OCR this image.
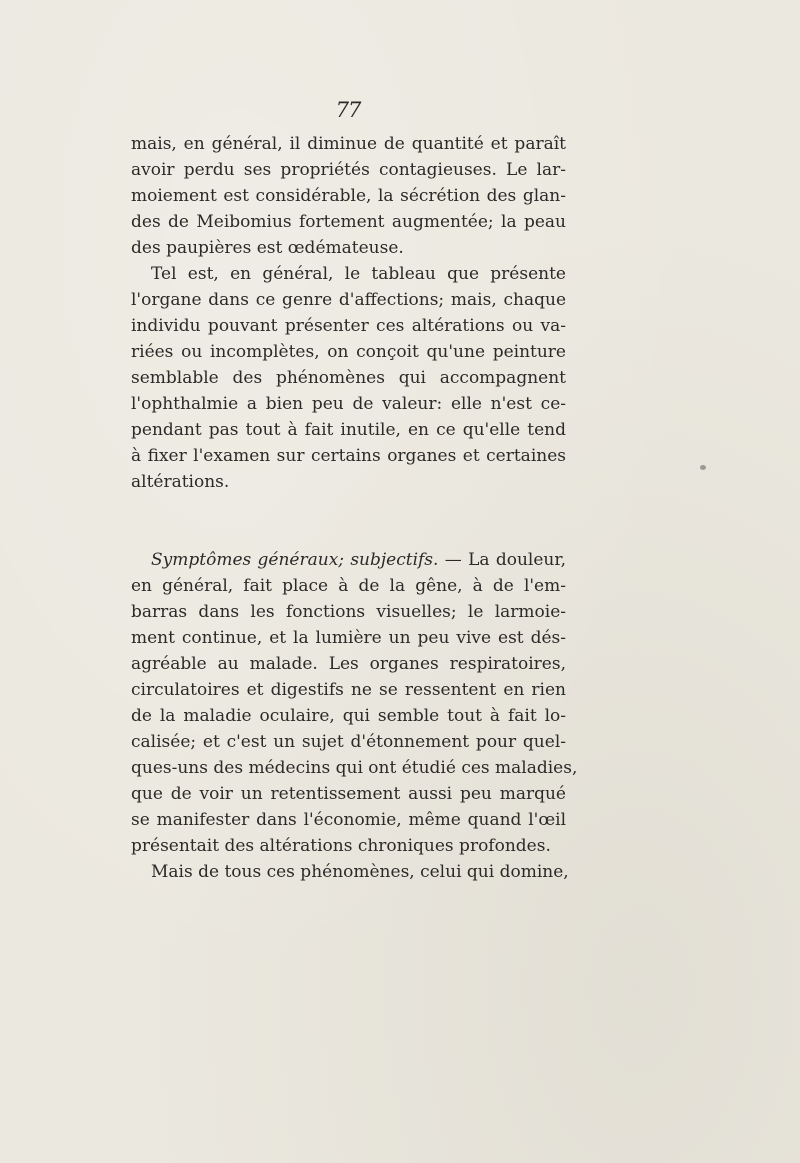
77
mais, en général, il diminue de quantité et paraît
avoir perdu ses propriétés contagieuses. Le lar-
moiement est considérable, la sécrétion des glan-
des de Meibomius fortement augmentée; la peau
des paupières est œdémateuse.
Tel est, en général, le tableau que présente
l'organe dans ce genre d'affections; mais, chaque
individu pouvant présenter ces altérations ou va-
riées ou incomplètes, on conçoit qu'une peinture
semblable des phénomènes qui accompagnent
l'ophthalmie a bien peu de valeur: elle n'est ce-
pendant pas tout à fait inutile, en ce qu'elle tend
à fixer l'examen sur certains organes et certaines
altérations.
Symptômes généraux; subjectifs. — La douleur,
en général, fait place à de la gêne, à de l'em-
barras dans les fonctions visuelles; le larmoie-
ment continue, et la lumière un peu vive est dés-
agréable au malade. Les organes respiratoires,
circulatoires et digestifs ne se ressentent en rien
de la maladie oculaire, qui semble tout à fait lo-
calisée; et c'est un sujet d'étonnement pour quel-
ques-uns des médecins qui ont étudié ces maladies,
que de voir un retentissement aussi peu marqué
se manifester dans l'économie, même quand l'œil
présentait des altérations chroniques profondes.
Mais de tous ces phénomènes, celui qui domine,
